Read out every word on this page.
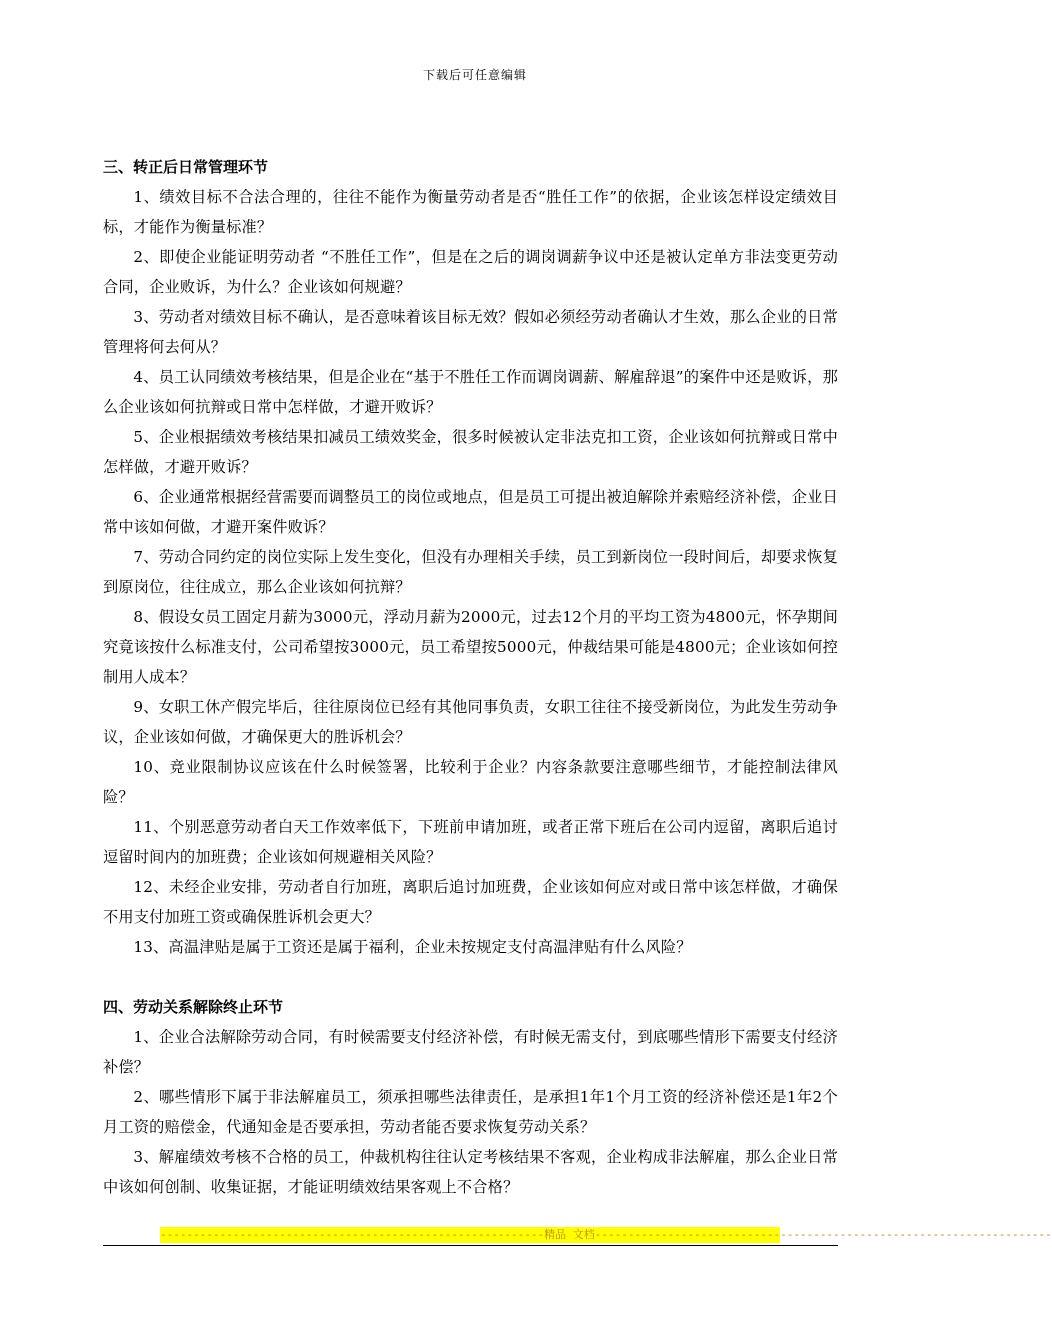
下载后可任意编辑

三、转正后日常管理环节

1、绩效目标不合法合理的，往往不能作为衡量劳动者是否“胜任工作”的依据，企业该怎样设定绩效目标，才能作为衡量标准？

2、即使企业能证明劳动者 “不胜任工作”，但是在之后的调岗调薪争议中还是被认定单方非法变更劳动合同，企业败诉，为什么？企业该如何规避？

3、劳动者对绩效目标不确认，是否意味着该目标无效？假如必须经劳动者确认才生效，那么企业的日常管理将何去何从？

4、员工认同绩效考核结果，但是企业在“基于不胜任工作而调岗调薪、解雇辞退”的案件中还是败诉，那么企业该如何抗辩或日常中怎样做，才避开败诉？

5、企业根据绩效考核结果扣减员工绩效奖金，很多时候被认定非法克扣工资，企业该如何抗辩或日常中怎样做，才避开败诉？

6、企业通常根据经营需要而调整员工的岗位或地点，但是员工可提出被迫解除并索赔经济补偿，企业日常中该如何做，才避开案件败诉？

7、劳动合同约定的岗位实际上发生变化，但没有办理相关手续，员工到新岗位一段时间后，却要求恢复到原岗位，往往成立，那么企业该如何抗辩？

8、假设女员工固定月薪为3000元，浮动月薪为2000元，过去12个月的平均工资为4800元，怀孕期间究竟该按什么标准支付，公司希望按3000元，员工希望按5000元，仲裁结果可能是4800元；企业该如何控制用人成本？

9、女职工休产假完毕后，往往原岗位已经有其他同事负责，女职工往往不接受新岗位，为此发生劳动争议，企业该如何做，才确保更大的胜诉机会？

10、竞业限制协议应该在什么时候签署，比较利于企业？内容条款要注意哪些细节，才能控制法律风险？

11、个别恶意劳动者白天工作效率低下，下班前申请加班，或者正常下班后在公司内逗留，离职后追讨逗留时间内的加班费；企业该如何规避相关风险？

12、未经企业安排，劳动者自行加班，离职后追讨加班费，企业该如何应对或日常中该怎样做，才确保不用支付加班工资或确保胜诉机会更大？

13、高温津贴是属于工资还是属于福利，企业未按规定支付高温津贴有什么风险？

四、劳动关系解除终止环节

1、企业合法解除劳动合同，有时候需要支付经济补偿，有时候无需支付，到底哪些情形下需要支付经济补偿？

2、哪些情形下属于非法解雇员工，须承担哪些法律责任，是承担1年1个月工资的经济补偿还是1年2个月工资的赔偿金，代通知金是否要承担，劳动者能否要求恢复劳动关系？

3、解雇绩效考核不合格的员工，仲裁机构往往认定考核结果不客观，企业构成非法解雇，那么企业日常中该如何创制、收集证据，才能证明绩效结果客观上不合格？

----------------------------------------------------------精品 文档---------------------------------------------------------------------
